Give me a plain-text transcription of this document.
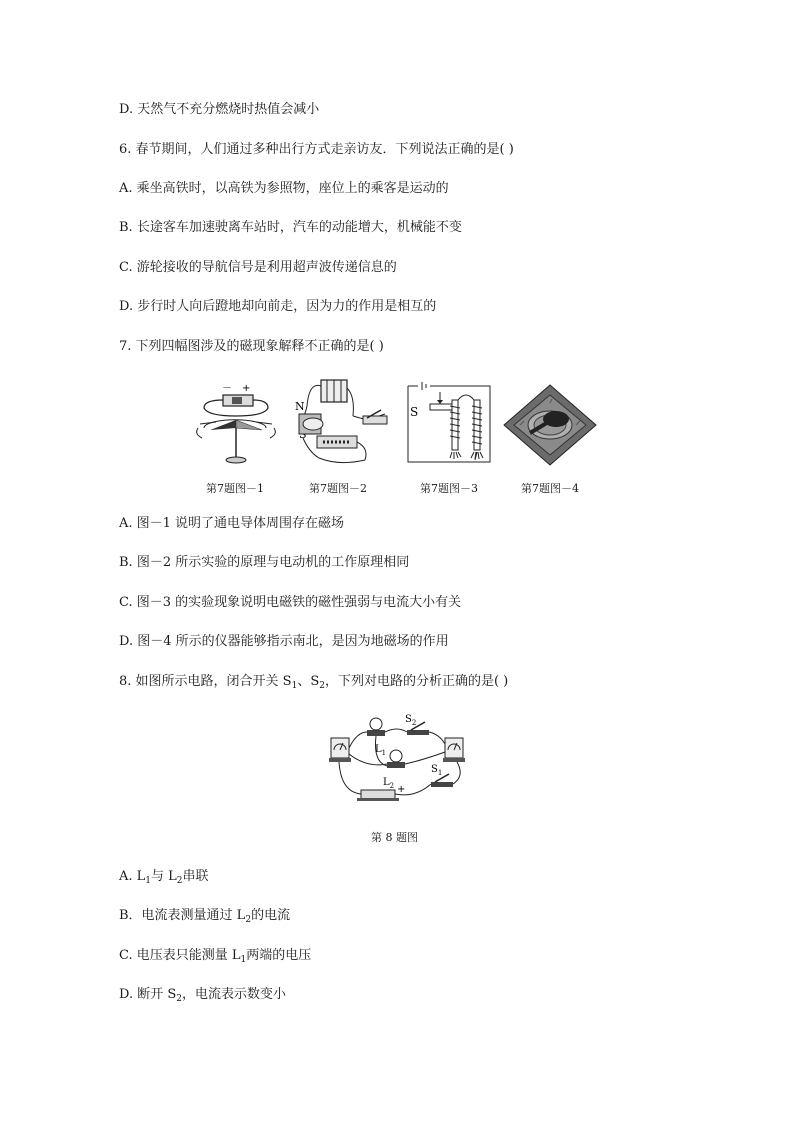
D. 天然气不充分燃烧时热值会减小
6. 春节期间，人们通过多种出行方式走亲访友．下列说法正确的是( )
A. 乘坐高铁时，以高铁为参照物，座位上的乘客是运动的
B. 长途客车加速驶离车站时，汽车的动能增大，机械能不变
C. 游轮接收的导航信号是利用超声波传递信息的
D. 步行时人向后蹬地却向前走，因为力的作用是相互的
7. 下列四幅图涉及的磁现象解释不正确的是( )
－ +
N	S
第7题图－1	第7题图－2	第7题图－3	第7题图－4
A. 图－1 说明了通电导体周围存在磁场
B. 图－2 所示实验的原理与电动机的工作原理相同
C. 图－3 的实验现象说明电磁铁的磁性强弱与电流大小有关
D. 图－4 所示的仪器能够指示南北，是因为地磁场的作用
8. 如图所示电路，闭合开关 $S_1$、$S_2$，下列对电路的分析正确的是( )
$L_1$
$L_2$
$S_2$
$S_1$
+
第 8 题图
A. $L_1$与 $L_2$串联
B．电流表测量通过 $L_2$的电流
C. 电压表只能测量 $L_1$两端的电压
D. 断开 $S_2$，电流表示数变小
